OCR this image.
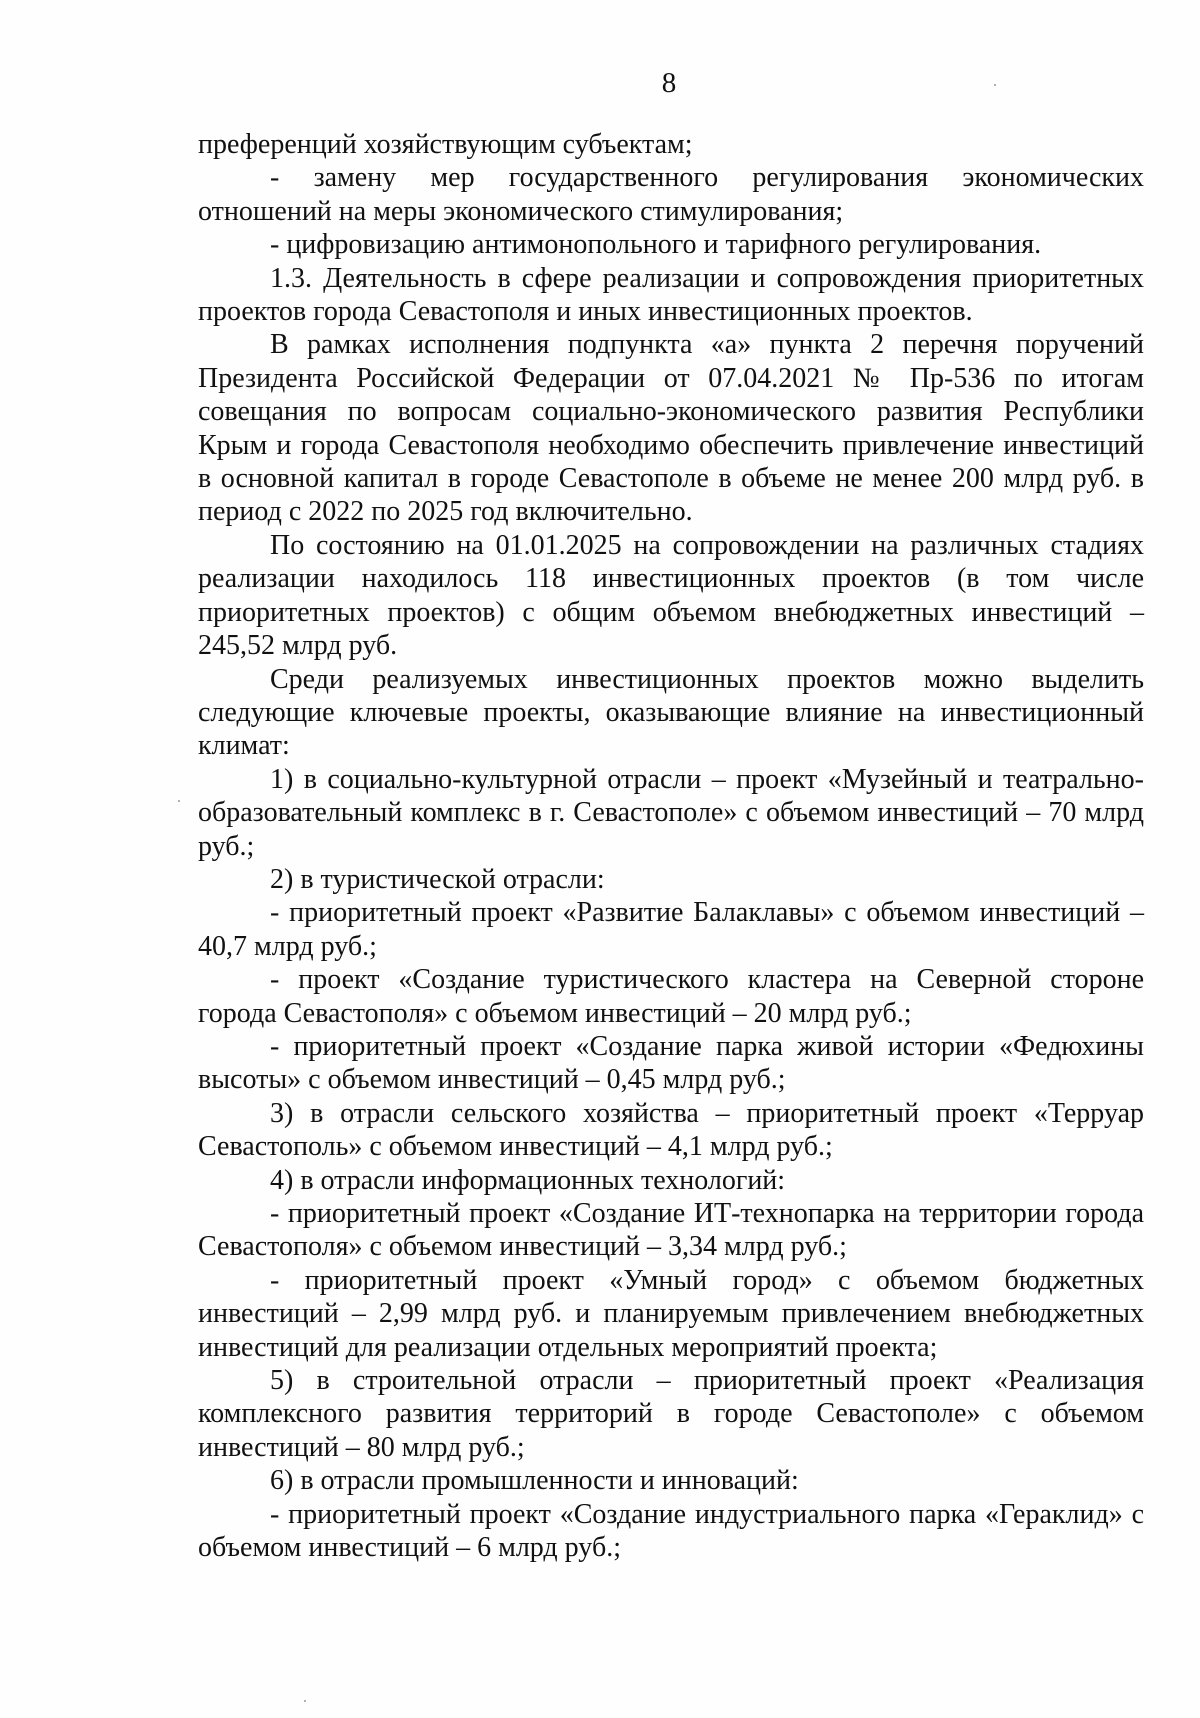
8

преференций хозяйствующим субъектам;

- замену мер государственного регулирования экономических отношений на меры экономического стимулирования;

- цифровизацию антимонопольного и тарифного регулирования.

1.3. Деятельность в сфере реализации и сопровождения приоритетных проектов города Севастополя и иных инвестиционных проектов.

В рамках исполнения подпункта «а» пункта 2 перечня поручений Президента Российской Федерации от 07.04.2021 № Пр-536 по итогам совещания по вопросам социально-экономического развития Республики Крым и города Севастополя необходимо обеспечить привлечение инвестиций в основной капитал в городе Севастополе в объеме не менее 200 млрд руб. в период с 2022 по 2025 год включительно.

По состоянию на 01.01.2025 на сопровождении на различных стадиях реализации находилось 118 инвестиционных проектов (в том числе приоритетных проектов) с общим объемом внебюджетных инвестиций – 245,52 млрд руб.

Среди реализуемых инвестиционных проектов можно выделить следующие ключевые проекты, оказывающие влияние на инвестиционный климат:

1) в социально-культурной отрасли – проект «Музейный и театрально-образовательный комплекс в г. Севастополе» с объемом инвестиций – 70 млрд руб.;

2) в туристической отрасли:

- приоритетный проект «Развитие Балаклавы» с объемом инвестиций – 40,7 млрд руб.;

- проект «Создание туристического кластера на Северной стороне города Севастополя» с объемом инвестиций – 20 млрд руб.;

- приоритетный проект «Создание парка живой истории «Федюхины высоты» с объемом инвестиций – 0,45 млрд руб.;

3) в отрасли сельского хозяйства – приоритетный проект «Терруар Севастополь» с объемом инвестиций – 4,1 млрд руб.;

4) в отрасли информационных технологий:

- приоритетный проект «Создание ИТ-технопарка на территории города Севастополя» с объемом инвестиций – 3,34 млрд руб.;

- приоритетный проект «Умный город» с объемом бюджетных инвестиций – 2,99 млрд руб. и планируемым привлечением внебюджетных инвестиций для реализации отдельных мероприятий проекта;

5) в строительной отрасли – приоритетный проект «Реализация комплексного развития территорий в городе Севастополе» с объемом инвестиций – 80 млрд руб.;

6) в отрасли промышленности и инноваций:

- приоритетный проект «Создание индустриального парка «Гераклид» с объемом инвестиций – 6 млрд руб.;
